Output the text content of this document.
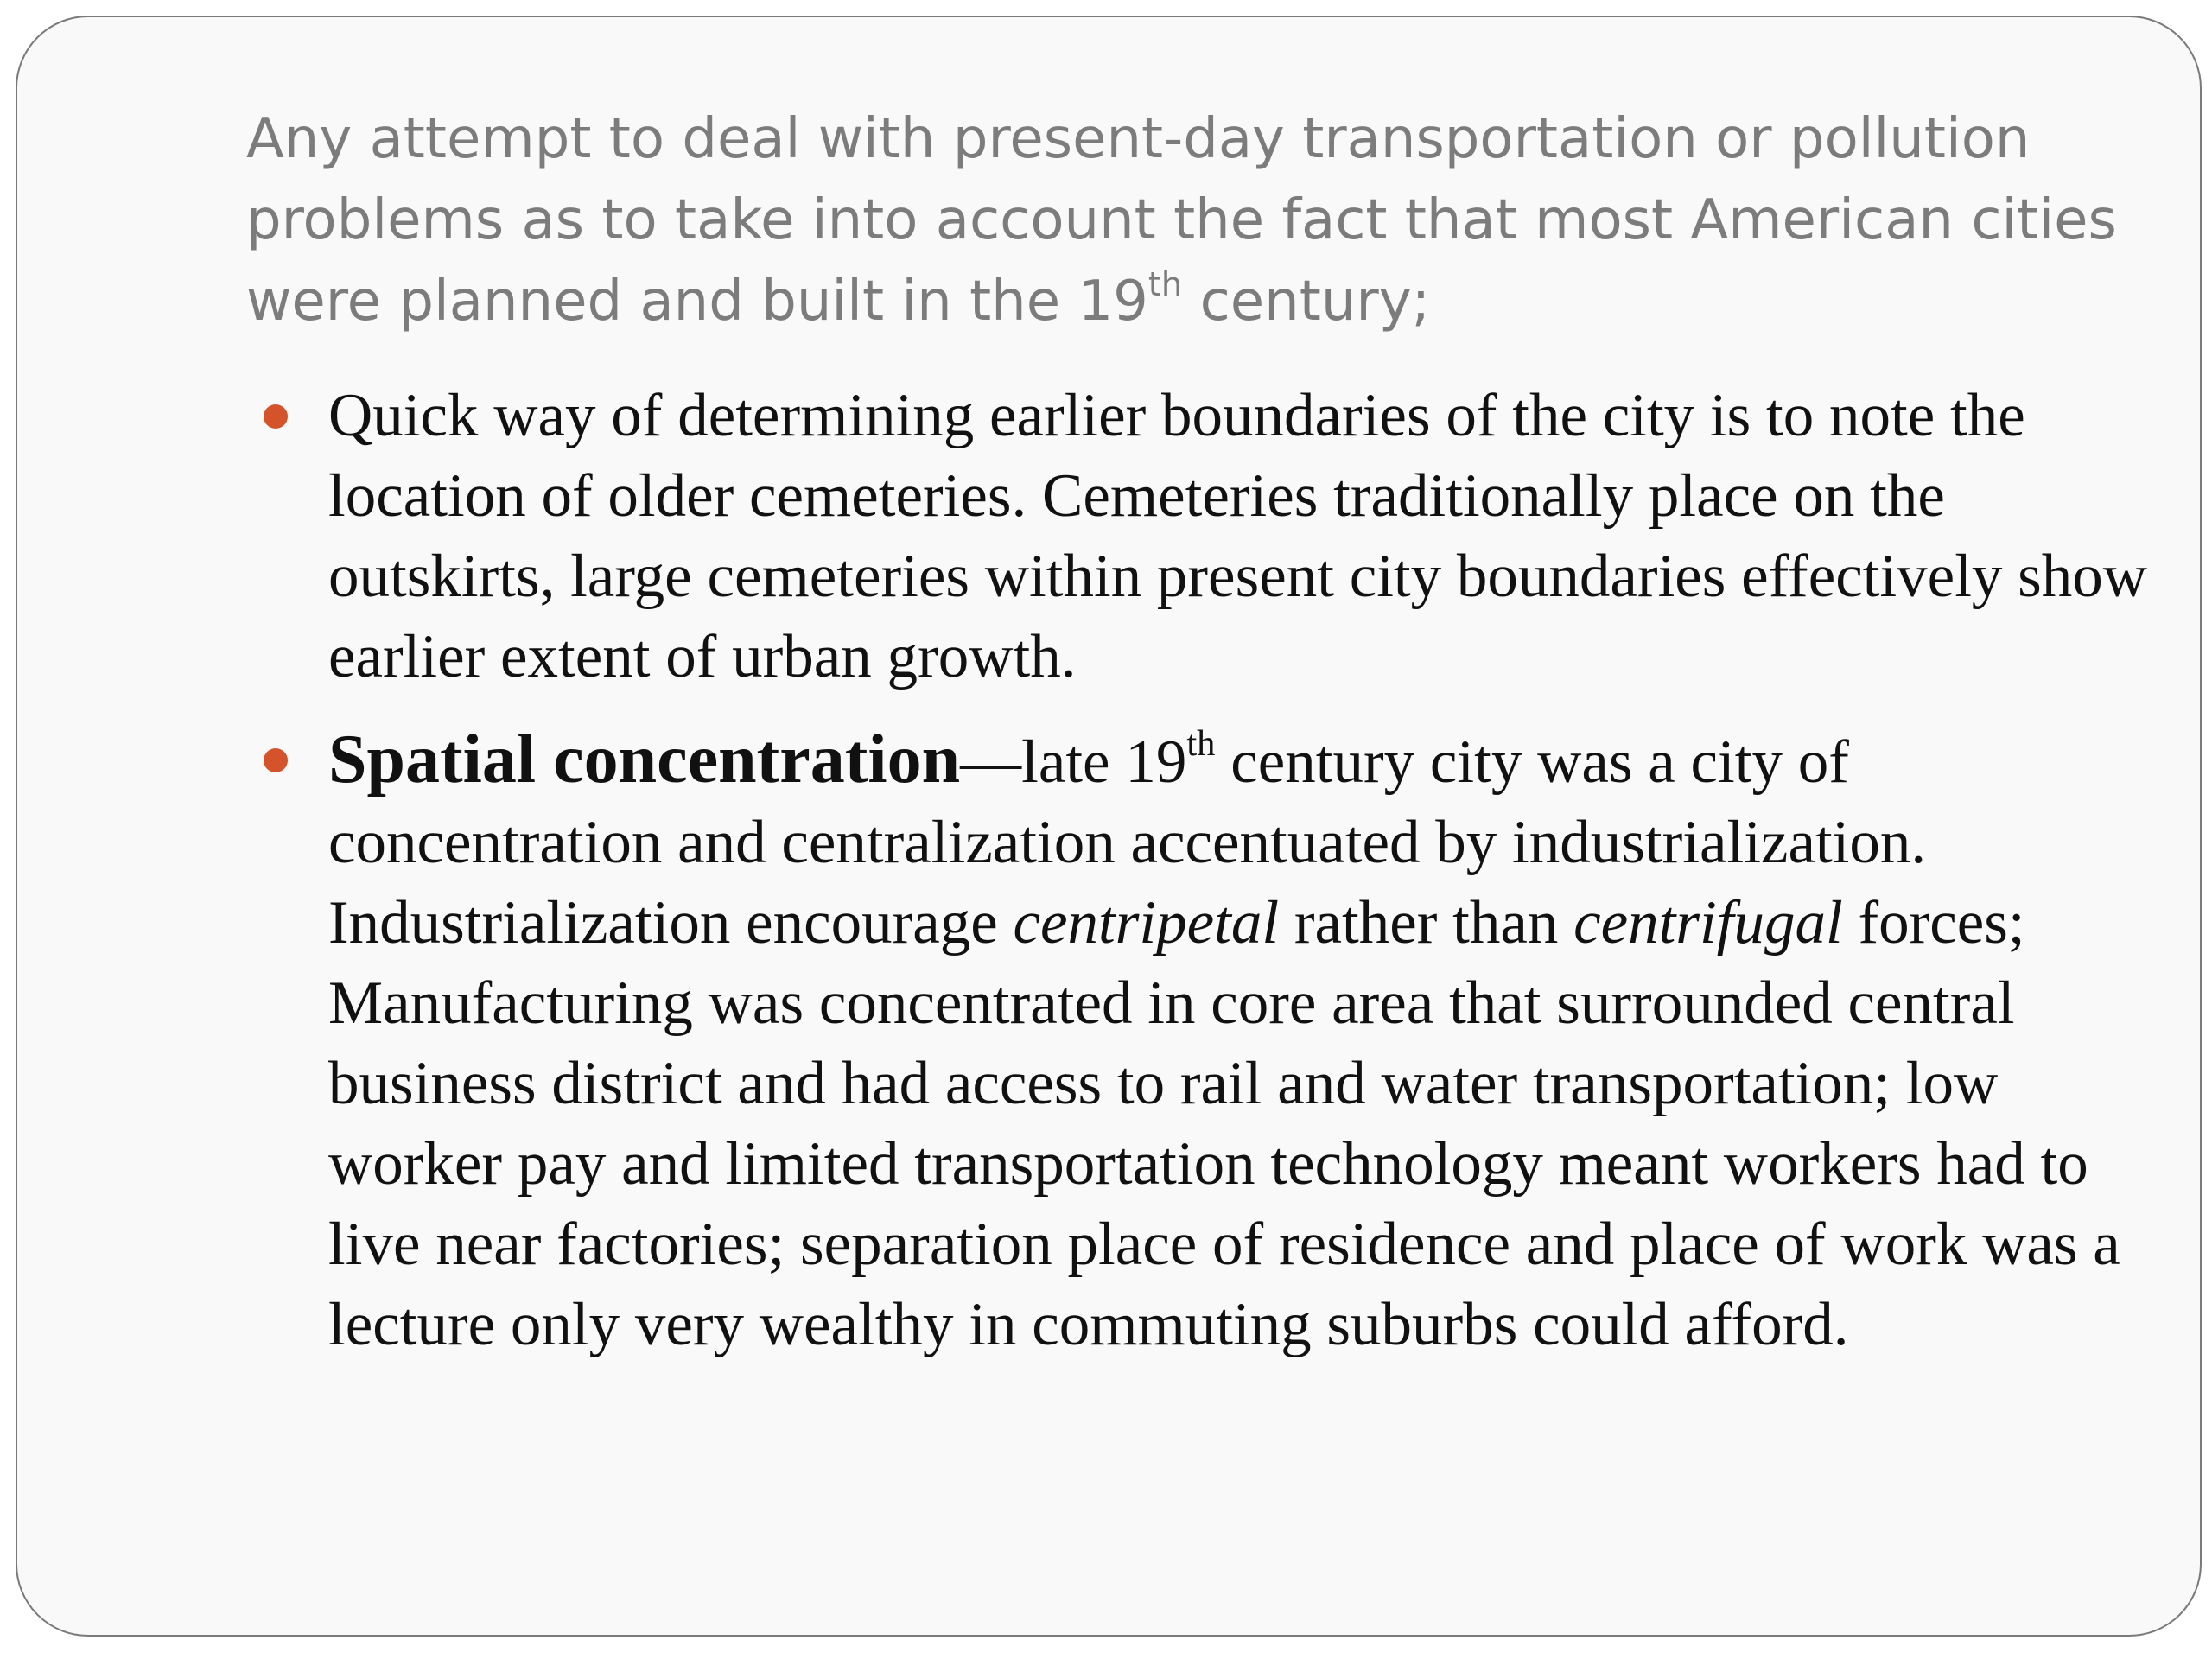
Any attempt to deal with present-day transportation or pollution problems as to take into account the fact that most American cities were planned and built in the 19th century;

Quick way of determining earlier boundaries of the city is to note the location of older cemeteries. Cemeteries traditionally place on the outskirts, large cemeteries within present city boundaries effectively show earlier extent of urban growth.

Spatial concentration—late 19th century city was a city of concentration and centralization accentuated by industrialization. Industrialization encourage centripetal rather than centrifugal forces; Manufacturing was concentrated in core area that surrounded central business district and had access to rail and water transportation; low worker pay and limited transportation technology meant workers had to live near factories; separation place of residence and place of work was a lecture only very wealthy in commuting suburbs could afford.
